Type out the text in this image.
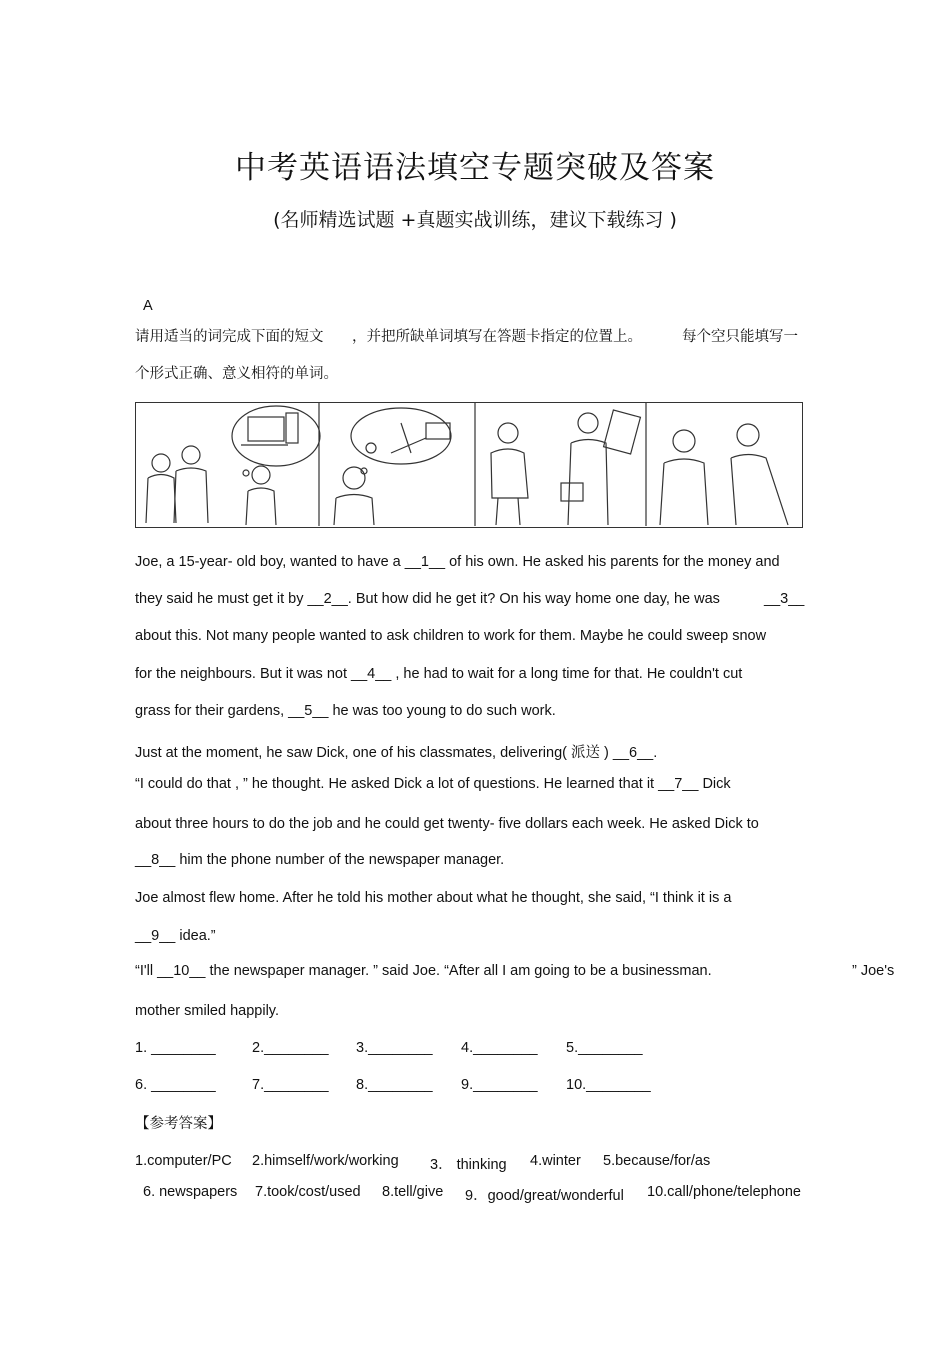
中考英语语法填空专题突破及答案
(名师精选试题 +真题实战训练，建议下载练习 )
A
请用适当的词完成下面的短文 ，并把所缺单词填写在答题卡指定的位置上。	每个空只能填写一
个形式正确、意义相符的单词。
Joe, a 15-year- old boy, wanted to have a __1__ of his own. He asked his parents for the money and
they said he must get it by __2__. But how did he get it? On his way home one day, he was	__3__
about this. Not many people wanted to ask children to work for them. Maybe he could sweep snow
for the neighbours. But it was not __4__ , he had to wait for a long time for that. He couldn't cut
grass for their gardens, __5__ he was too young to do such work.
Just at the moment, he saw Dick, one of his classmates, delivering( 派送 ) __6__.
“I could do that , ” he thought. He asked Dick a lot of questions. He learned that it __7__ Dick
about three hours to do the job and he could get twenty- five dollars each week. He asked Dick to
__8__ him the phone number of the newspaper manager.
Joe almost flew home. After he told his mother about what he thought, she said, “I think it is a
__9__ idea.”
“I'll __10__ the newspaper manager. ” said Joe. “After all I am going to be a businessman.	” Joe's
mother smiled happily.
1. ________	2.________ 3.________ 4.________ 5.________
6. ________	7.________ 8.________ 9.________ 10.________
【参考答案】
1.computer/PC 2.himself/work/working 3． thinking 4.winter 5.because/for/as
6. newspapers 7.took/cost/used 8.tell/give 9．good/great/wonderful 10.call/phone/telephone
